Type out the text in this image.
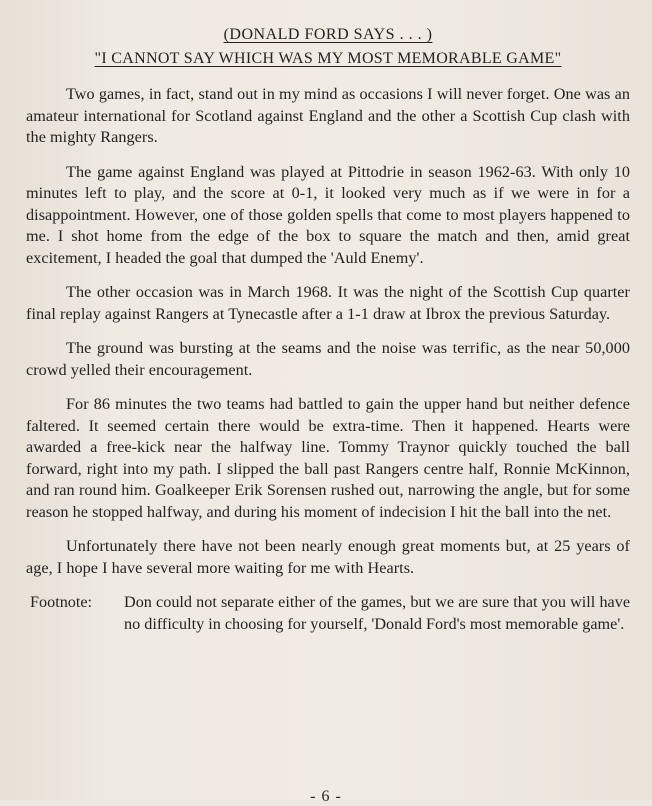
(DONALD FORD SAYS . . . )
"I CANNOT SAY WHICH WAS MY MOST MEMORABLE GAME"

Two games, in fact, stand out in my mind as occasions I will never forget. One was an amateur international for Scotland against England and the other a Scottish Cup clash with the mighty Rangers.

The game against England was played at Pittodrie in season 1962-63. With only 10 minutes left to play, and the score at 0-1, it looked very much as if we were in for a disappointment. However, one of those golden spells that come to most players happened to me. I shot home from the edge of the box to square the match and then, amid great excitement, I headed the goal that dumped the 'Auld Enemy'.

The other occasion was in March 1968. It was the night of the Scottish Cup quarter final replay against Rangers at Tynecastle after a 1-1 draw at Ibrox the previous Saturday.

The ground was bursting at the seams and the noise was terrific, as the near 50,000 crowd yelled their encouragement.

For 86 minutes the two teams had battled to gain the upper hand but neither defence faltered. It seemed certain there would be extra-time. Then it happened. Hearts were awarded a free-kick near the halfway line. Tommy Traynor quickly touched the ball forward, right into my path. I slipped the ball past Rangers centre half, Ronnie McKinnon, and ran round him. Goalkeeper Erik Sorensen rushed out, narrowing the angle, but for some reason he stopped halfway, and during his moment of indecision I hit the ball into the net.

Unfortunately there have not been nearly enough great moments but, at 25 years of age, I hope I have several more waiting for me with Hearts.

Footnote:	Don could not separate either of the games, but we are sure that you will have no difficulty in choosing for yourself, 'Donald Ford's most memorable game'.
- 6 -
